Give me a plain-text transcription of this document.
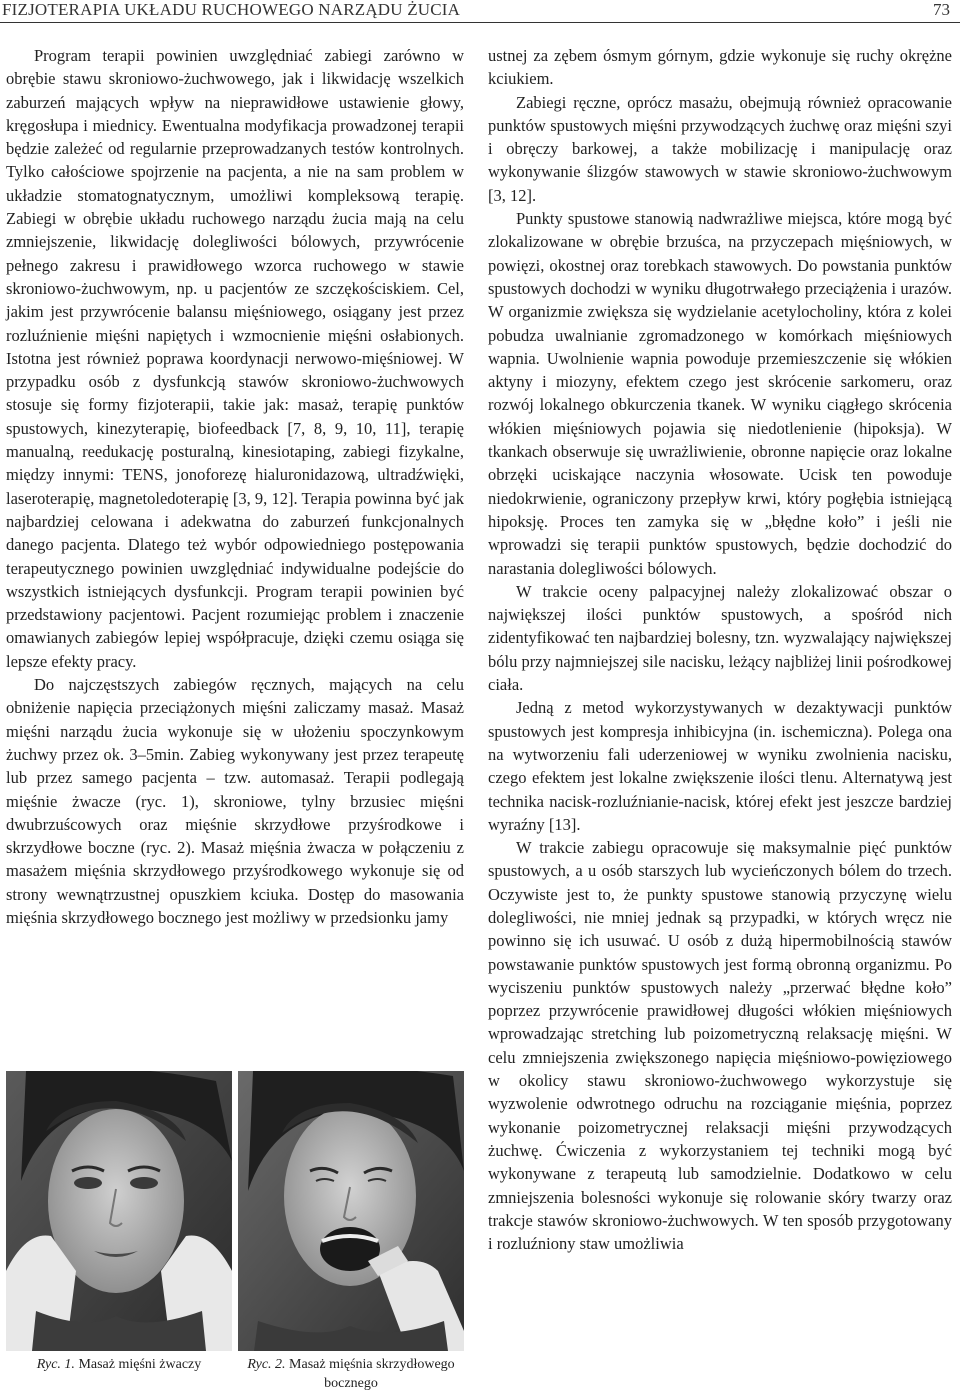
FIZJOTERAPIA UKŁADU RUCHOWEGO NARZĄDU ŻUCIA	73

Program terapii powinien uwzględniać zabiegi zarówno w obrębie stawu skroniowo-żuchwowego, jak i likwidację wszelkich zaburzeń mających wpływ na nieprawidłowe ustawienie głowy, kręgosłupa i miednicy. Ewentualna modyfikacja prowadzonej terapii będzie zależeć od regularnie przeprowadzanych testów kontrolnych. Tylko całościowe spojrzenie na pacjenta, a nie na sam problem w układzie stomatognatycznym, umożliwi kompleksową terapię. Zabiegi w obrębie układu ruchowego narządu żucia mają na celu zmniejszenie, likwidację dolegliwości bólowych, przywrócenie pełnego zakresu i prawidłowego wzorca ruchowego w stawie skroniowo-żuchwowym, np. u pacjentów ze szczękościskiem. Cel, jakim jest przywrócenie balansu mięśniowego, osiągany jest przez rozluźnienie mięśni napiętych i wzmocnienie mięśni osłabionych. Istotna jest również poprawa koordynacji nerwowo-mięśniowej. W przypadku osób z dysfunkcją stawów skroniowo-żuchwowych stosuje się formy fizjoterapii, takie jak: masaż, terapię punktów spustowych, kinezyterapię, biofeedback [7, 8, 9, 10, 11], terapię manualną, reedukację posturalną, kinesiotaping, zabiegi fizykalne, między innymi: TENS, jonoforezę hialuronidazową, ultradźwięki, laseroterapię, magnetoledoterapię [3, 9, 12]. Terapia powinna być jak najbardziej celowana i adekwatna do zaburzeń funkcjonalnych danego pacjenta. Dlatego też wybór odpowiedniego postępowania terapeutycznego powinien uwzględniać indywidualne podejście do wszystkich istniejących dysfunkcji. Program terapii powinien być przedstawiony pacjentowi. Pacjent rozumiejąc problem i znaczenie omawianych zabiegów lepiej współpracuje, dzięki czemu osiąga się lepsze efekty pracy.

Do najczęstszych zabiegów ręcznych, mających na celu obniżenie napięcia przeciążonych mięśni zaliczamy masaż. Masaż mięśni narządu żucia wykonuje się w ułożeniu spoczynkowym żuchwy przez ok. 3–5min. Zabieg wykonywany jest przez terapeutę lub przez samego pacjenta – tzw. automasaż. Terapii podlegają mięśnie żwacze (ryc. 1), skroniowe, tylny brzusiec mięśni dwubrzuścowych oraz mięśnie skrzydłowe przyśrodkowe i skrzydłowe boczne (ryc. 2). Masaż mięśnia żwacza w połączeniu z masażem mięśnia skrzydłowego przyśrodkowego wykonuje się od strony wewnątrzustnej opuszkiem kciuka. Dostęp do masowania mięśnia skrzydłowego bocznego jest możliwy w przedsionku jamy

Ryc. 1. Masaż mięśni żwaczy	Ryc. 2. Masaż mięśnia skrzydłowego bocznego

ustnej za zębem ósmym górnym, gdzie wykonuje się ruchy okrężne kciukiem.

Zabiegi ręczne, oprócz masażu, obejmują również opracowanie punktów spustowych mięśni przywodzących żuchwę oraz mięśni szyi i obręczy barkowej, a także mobilizację i manipulację oraz wykonywanie ślizgów stawowych w stawie skroniowo-żuchwowym [3, 12].

Punkty spustowe stanowią nadwrażliwe miejsca, które mogą być zlokalizowane w obrębie brzuśca, na przyczepach mięśniowych, w powięzi, okostnej oraz torebkach stawowych. Do powstania punktów spustowych dochodzi w wyniku długotrwałego przeciążenia i urazów. W organizmie zwiększa się wydzielanie acetylocholiny, która z kolei pobudza uwalnianie zgromadzonego w komórkach mięśniowych wapnia. Uwolnienie wapnia powoduje przemieszczenie się włókien aktyny i miozyny, efektem czego jest skrócenie sarkomeru, oraz rozwój lokalnego obkurczenia tkanek. W wyniku ciągłego skrócenia włókien mięśniowych pojawia się niedotlenienie (hipoksja). W tkankach obserwuje się uwrażliwienie, obronne napięcie oraz lokalne obrzęki uciskające naczynia włosowate. Ucisk ten powoduje niedokrwienie, ograniczony przepływ krwi, który pogłębia istniejącą hipoksję. Proces ten zamyka się w „błędne koło” i jeśli nie wprowadzi się terapii punktów spustowych, będzie dochodzić do narastania dolegliwości bólowych.

W trakcie oceny palpacyjnej należy zlokalizować obszar o największej ilości punktów spustowych, a spośród nich zidentyfikować ten najbardziej bolesny, tzn. wyzwalający największej bólu przy najmniejszej sile nacisku, leżący najbliżej linii pośrodkowej ciała.

Jedną z metod wykorzystywanych w dezaktywacji punktów spustowych jest kompresja inhibicyjna (in. ischemiczna). Polega ona na wytworzeniu fali uderzeniowej w wyniku zwolnienia nacisku, czego efektem jest lokalne zwiększenie ilości tlenu. Alternatywą jest technika nacisk-rozluźnianie-nacisk, której efekt jest jeszcze bardziej wyraźny [13].

W trakcie zabiegu opracowuje się maksymalnie pięć punktów spustowych, a u osób starszych lub wycieńczonych bólem do trzech. Oczywiste jest to, że punkty spustowe stanowią przyczynę wielu dolegliwości, nie mniej jednak są przypadki, w których wręcz nie powinno się ich usuwać. U osób z dużą hipermobilnością stawów powstawanie punktów spustowych jest formą obronną organizmu. Po wyciszeniu punktów spustowych należy „przerwać błędne koło” poprzez przywrócenie prawidłowej długości włókien mięśniowych wprowadzając stretching lub poizometryczną relaksację mięśni. W celu zmniejszenia zwiększonego napięcia mięśniowo-powięziowego w okolicy stawu skroniowo-żuchwowego wykorzystuje się wyzwolenie odwrotnego odruchu na rozciąganie mięśnia, poprzez wykonanie poizometrycznej relaksacji mięśni przywodzących żuchwę. Ćwiczenia z wykorzystaniem tej techniki mogą być wykonywane z terapeutą lub samodzielnie. Dodatkowo w celu zmniejszenia bolesności wykonuje się rolowanie skóry twarzy oraz trakcje stawów skroniowo-żuchwowych. W ten sposób przygotowany i rozluźniony staw umożliwia
